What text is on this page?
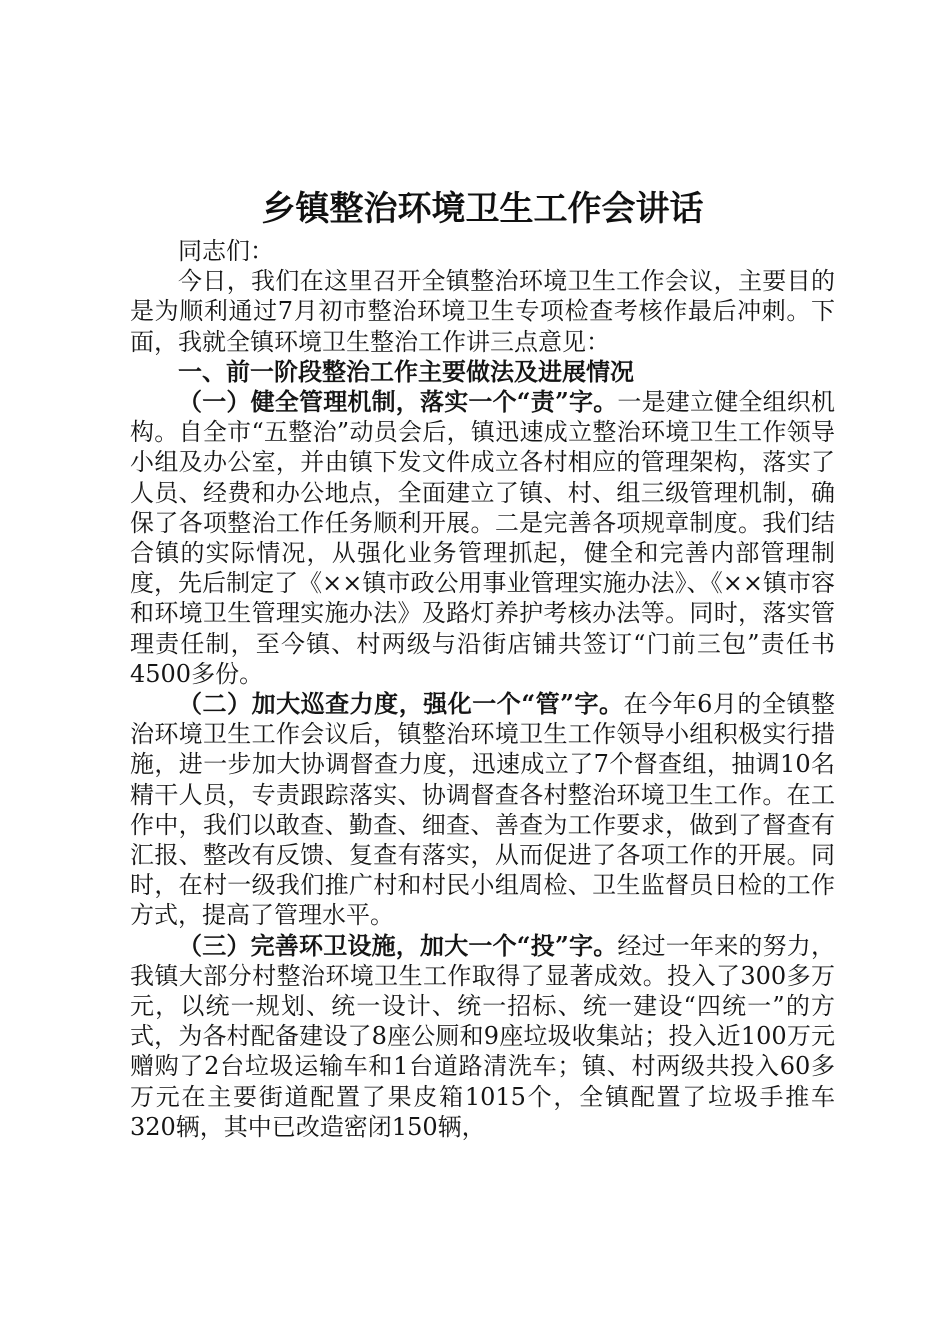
乡镇整治环境卫生工作会讲话

同志们：

今日，我们在这里召开全镇整治环境卫生工作会议，主要目的是为顺利通过7月初市整治环境卫生专项检查考核作最后冲刺。下面，我就全镇环境卫生整治工作讲三点意见：

一、前一阶段整治工作主要做法及进展情况

（一）健全管理机制，落实一个“责”字。一是建立健全组织机构。自全市“五整治”动员会后，镇迅速成立整治环境卫生工作领导小组及办公室，并由镇下发文件成立各村相应的管理架构，落实了人员、经费和办公地点，全面建立了镇、村、组三级管理机制，确保了各项整治工作任务顺利开展。二是完善各项规章制度。我们结合镇的实际情况，从强化业务管理抓起，健全和完善内部管理制度，先后制定了《××镇市政公用事业管理实施办法》、《××镇市容和环境卫生管理实施办法》及路灯养护考核办法等。同时，落实管理责任制，至今镇、村两级与沿街店铺共签订“门前三包”责任书4500多份。

（二）加大巡查力度，强化一个“管”字。在今年6月的全镇整治环境卫生工作会议后，镇整治环境卫生工作领导小组积极实行措施，进一步加大协调督查力度，迅速成立了7个督查组，抽调10名精干人员，专责跟踪落实、协调督查各村整治环境卫生工作。在工作中，我们以敢查、勤查、细查、善查为工作要求，做到了督查有汇报、整改有反馈、复查有落实，从而促进了各项工作的开展。同时，在村一级我们推广村和村民小组周检、卫生监督员日检的工作方式，提高了管理水平。

（三）完善环卫设施，加大一个“投”字。经过一年来的努力，我镇大部分村整治环境卫生工作取得了显著成效。投入了300多万元，以统一规划、统一设计、统一招标、统一建设“四统一”的方式，为各村配备建设了8座公厕和9座垃圾收集站；投入近100万元赠购了2台垃圾运输车和1台道路清洗车；镇、村两级共投入60多万元在主要街道配置了果皮箱1015个，全镇配置了垃圾手推车320辆，其中已改造密闭150辆，
